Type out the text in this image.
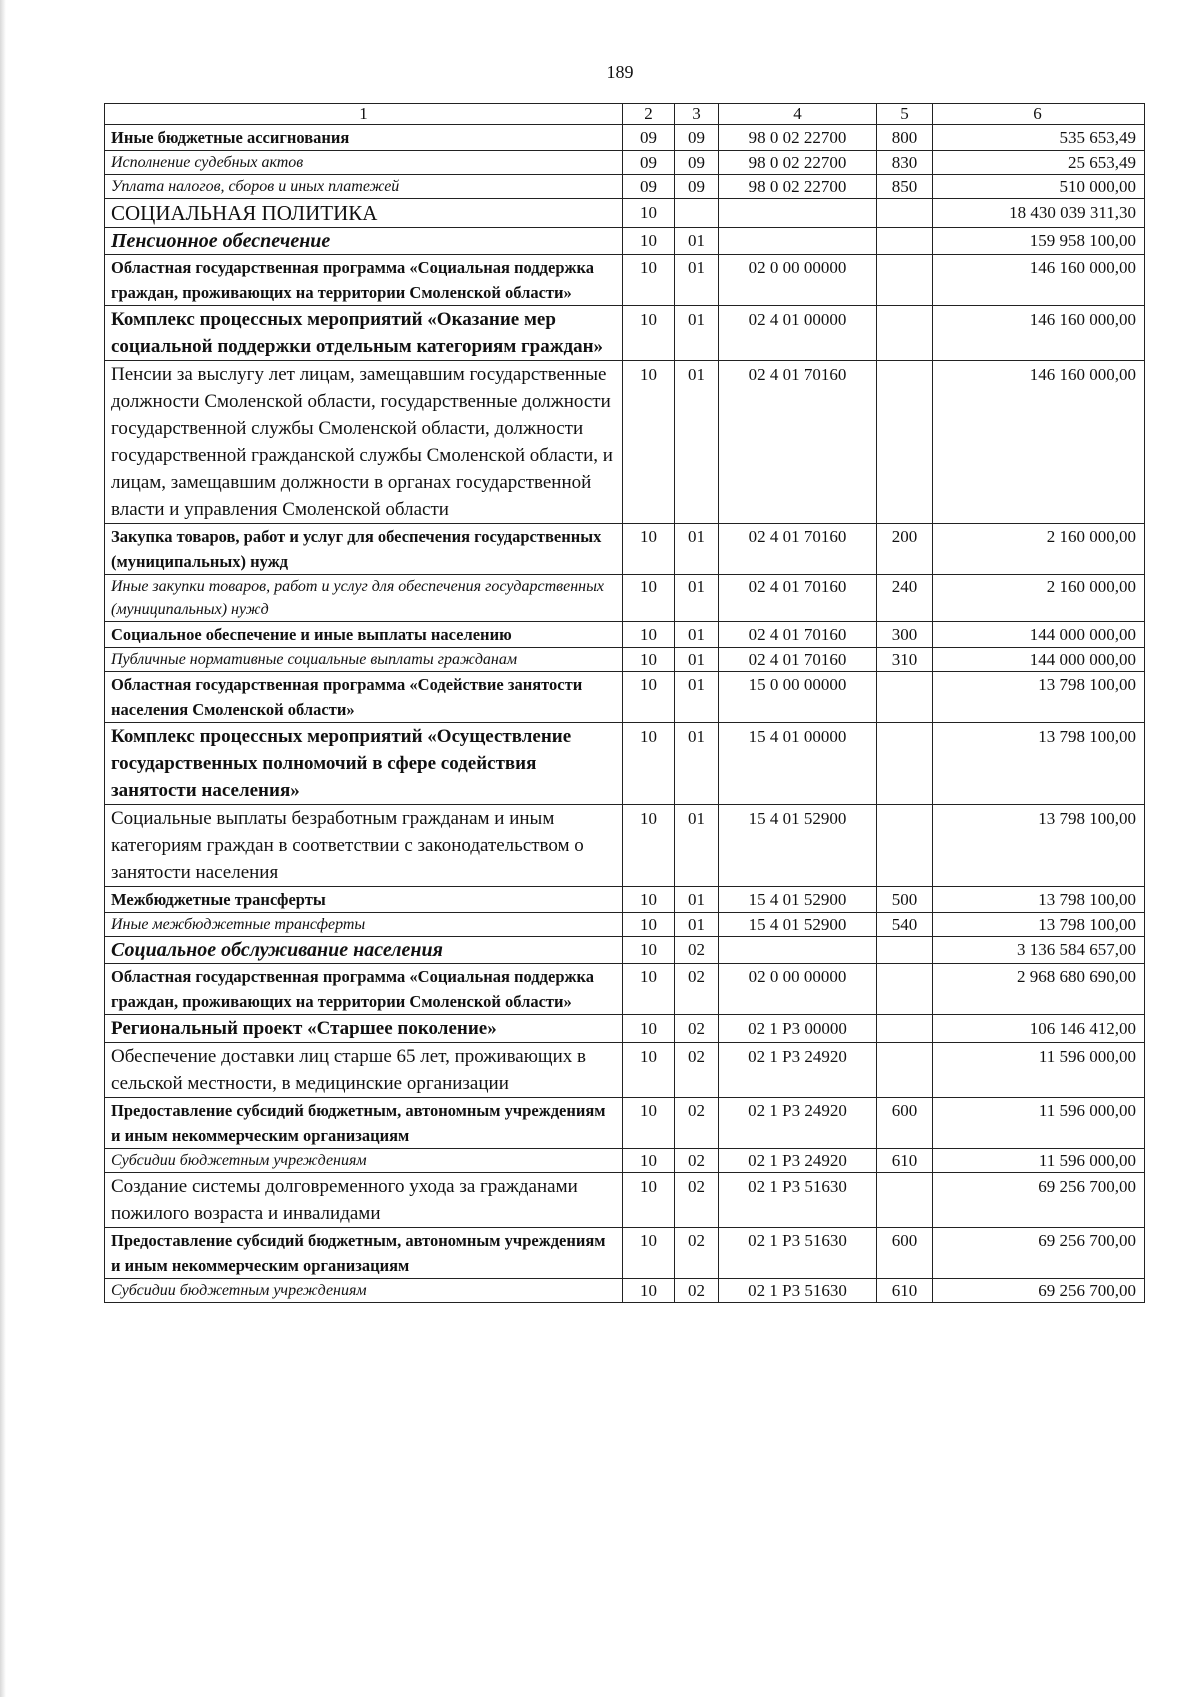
189
1	2	3	4	5	6
Иные бюджетные ассигнования	09	09	98 0 02 22700	800	535 653,49
Исполнение судебных актов	09	09	98 0 02 22700	830	25 653,49
Уплата налогов, сборов и иных платежей	09	09	98 0 02 22700	850	510 000,00
СОЦИАЛЬНАЯ ПОЛИТИКА	10				18 430 039 311,30
Пенсионное обеспечение	10	01			159 958 100,00
Областная государственная программа «Социальная поддержка граждан, проживающих на территории Смоленской области»	10	01	02 0 00 00000		146 160 000,00
Комплекс процессных мероприятий «Оказание мер социальной поддержки отдельным категориям граждан»	10	01	02 4 01 00000		146 160 000,00
Пенсии за выслугу лет лицам, замещавшим государственные должности Смоленской области, государственные должности государственной службы Смоленской области, должности государственной гражданской службы Смоленской области, и лицам, замещавшим должности в органах государственной власти и управления Смоленской области	10	01	02 4 01 70160		146 160 000,00
Закупка товаров, работ и услуг для обеспечения государственных (муниципальных) нужд	10	01	02 4 01 70160	200	2 160 000,00
Иные закупки товаров, работ и услуг для обеспечения государственных (муниципальных) нужд	10	01	02 4 01 70160	240	2 160 000,00
Социальное обеспечение и иные выплаты населению	10	01	02 4 01 70160	300	144 000 000,00
Публичные нормативные социальные выплаты гражданам	10	01	02 4 01 70160	310	144 000 000,00
Областная государственная программа «Содействие занятости населения Смоленской области»	10	01	15 0 00 00000		13 798 100,00
Комплекс процессных мероприятий «Осуществление государственных полномочий в сфере содействия занятости населения»	10	01	15 4 01 00000		13 798 100,00
Социальные выплаты безработным гражданам и иным категориям граждан в соответствии с законодательством о занятости населения	10	01	15 4 01 52900		13 798 100,00
Межбюджетные трансферты	10	01	15 4 01 52900	500	13 798 100,00
Иные межбюджетные трансферты	10	01	15 4 01 52900	540	13 798 100,00
Социальное обслуживание населения	10	02			3 136 584 657,00
Областная государственная программа «Социальная поддержка граждан, проживающих на территории Смоленской области»	10	02	02 0 00 00000		2 968 680 690,00
Региональный проект «Старшее поколение»	10	02	02 1 Р3 00000		106 146 412,00
Обеспечение доставки лиц старше 65 лет, проживающих в сельской местности, в медицинские организации	10	02	02 1 Р3 24920		11 596 000,00
Предоставление субсидий бюджетным, автономным учреждениям и иным некоммерческим организациям	10	02	02 1 Р3 24920	600	11 596 000,00
Субсидии бюджетным учреждениям	10	02	02 1 Р3 24920	610	11 596 000,00
Создание системы долговременного ухода за гражданами пожилого возраста и инвалидами	10	02	02 1 Р3 51630		69 256 700,00
Предоставление субсидий бюджетным, автономным учреждениям и иным некоммерческим организациям	10	02	02 1 Р3 51630	600	69 256 700,00
Субсидии бюджетным учреждениям	10	02	02 1 Р3 51630	610	69 256 700,00
